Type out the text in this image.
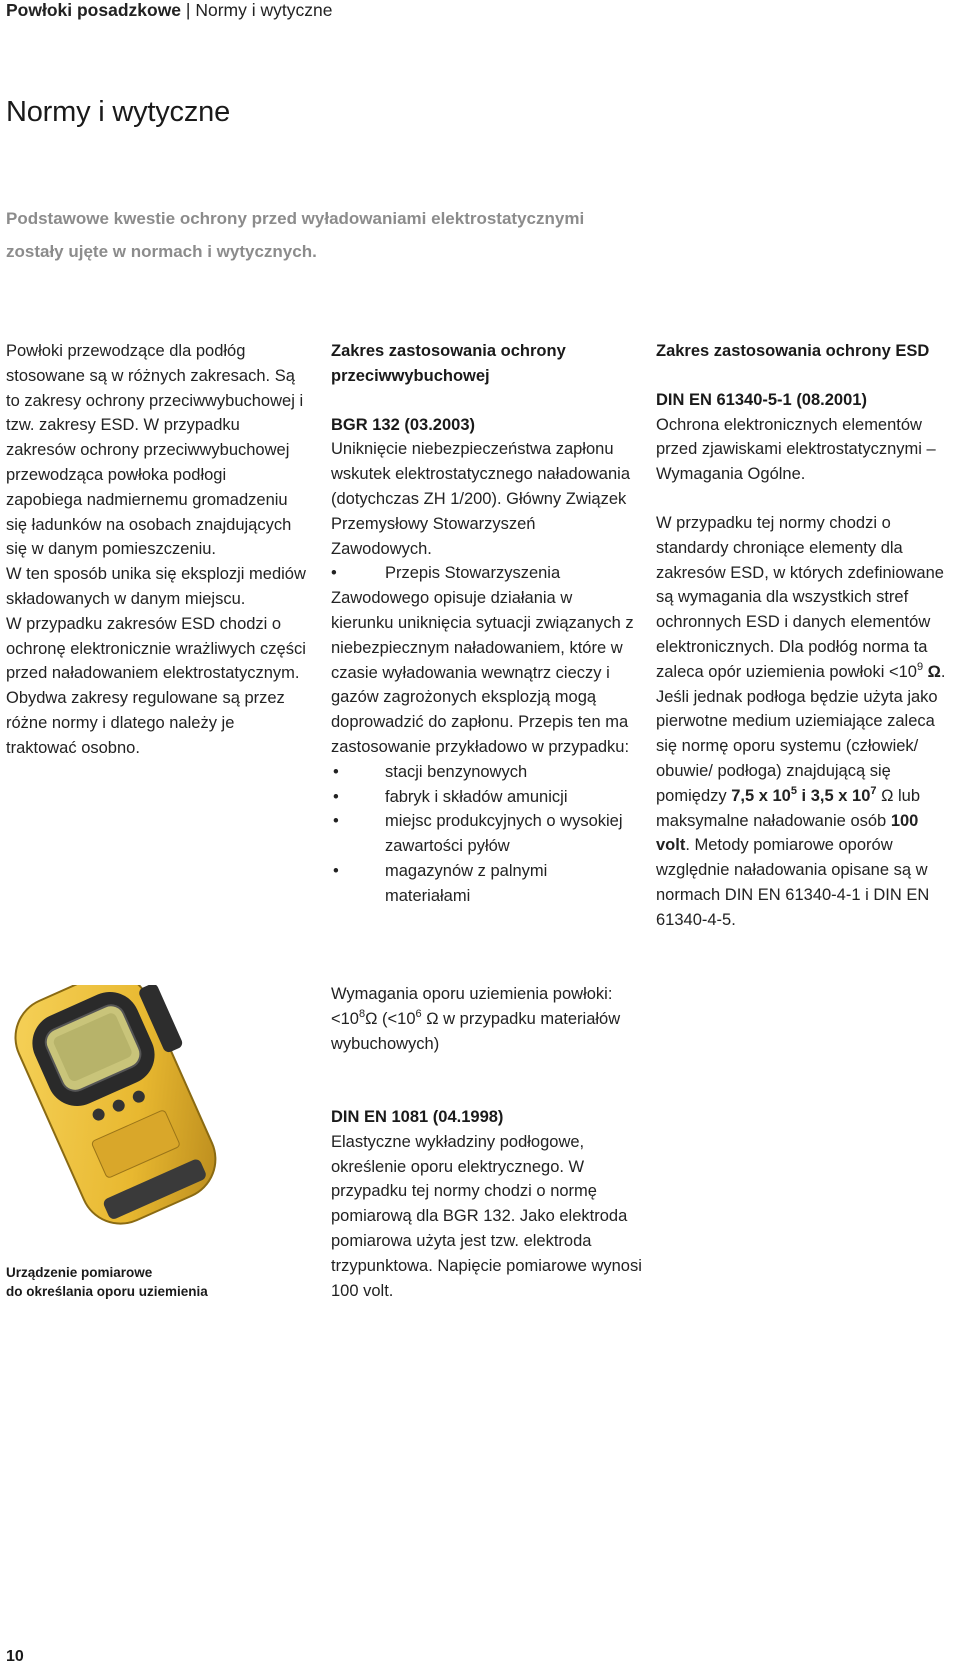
Powłoki posadzkowe | Normy i wytyczne
Normy i wytyczne

Podstawowe kwestie ochrony przed wyładowaniami elektrostatycznymi zostały ujęte w normach i wytycznych.

Powłoki przewodzące dla podłóg stosowane są w różnych zakresach. Są to zakresy ochrony przeciwwybuchowej i tzw. zakresy ESD. W przypadku zakresów ochrony przeciwwybuchowej przewodząca powłoka podłogi zapobiega nadmiernemu gromadzeniu się ładunków na osobach znajdujących się w danym pomieszczeniu.

W ten sposób unika się eksplozji mediów składowanych w danym miejscu.

W przypadku zakresów ESD chodzi o ochronę elektronicznie wrażliwych części przed naładowaniem elektrostatycznym. Obydwa zakresy regulowane są przez różne normy i dlatego należy je traktować osobno.

Zakres zastosowania ochrony przeciwwybuchowej

BGR 132 (03.2003)

Uniknięcie niebezpieczeństwa zapłonu wskutek elektrostatycznego naładowania (dotychczas ZH 1/200). Główny Związek Przemysłowy Stowarzyszeń Zawodowych.

•	Przepis Stowarzyszenia Zawodowego opisuje działania w kierunku uniknięcia sytuacji związanych z niebezpiecznym naładowaniem, które w czasie wyładowania wewnątrz cieczy i gazów zagrożonych eksplozją mogą doprowadzić do zapłonu. Przepis ten ma zastosowanie przykładowo w przypadku:

• stacji benzynowych
• fabryk i składów amunicji
• miejsc produkcyjnych o wysokiej zawartości pyłów
• magazynów z palnymi materiałami

Wymagania oporu uziemienia powłoki: $<10^8\Omega$ ($<10^6$ Ω w przypadku materiałów wybuchowych)

DIN EN 1081 (04.1998)

Elastyczne wykładziny podłogowe, określenie oporu elektrycznego. W przypadku tej normy chodzi o normę pomiarową dla BGR 132. Jako elektroda pomiarowa użyta jest tzw. elektroda trzypunktowa. Napięcie pomiarowe wynosi 100 volt.

Zakres zastosowania ochrony ESD

DIN EN 61340-5-1 (08.2001)

Ochrona elektronicznych elementów przed zjawiskami elektrostatycznymi – Wymagania Ogólne.

W przypadku tej normy chodzi o standardy chroniące elementy dla zakresów ESD, w których zdefiniowane są wymagania dla wszystkich stref ochronnych ESD i danych elementów elektronicznych. Dla podłóg norma ta zaleca opór uziemienia powłoki $<10^9$ Ω. Jeśli jednak podłoga będzie użyta jako pierwotne medium uziemiające zaleca się normę oporu systemu (człowiek/ obuwie/ podłoga) znajdującą się pomiędzy 7,5 x $10^5$ i 3,5 x $10^7$ Ω lub maksymalne naładowanie osób 100 volt. Metody pomiarowe oporów względnie naładowania opisane są w normach DIN EN 61340-4-1 i DIN EN 61340-4-5.

Urządzenie pomiarowe
do określania oporu uziemienia

10
